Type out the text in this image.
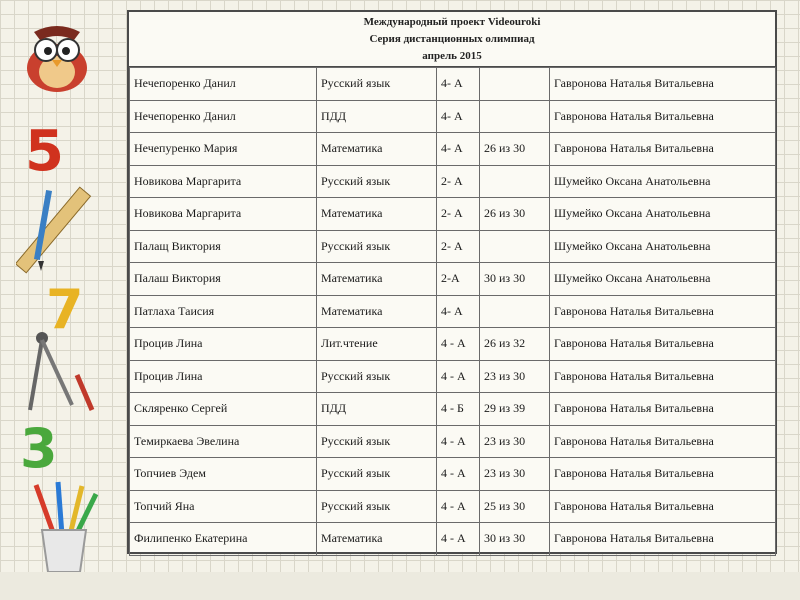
5
7
3
Международный проект Videouroki
Серия дистанционных олимпиад
апрель 2015
Нечепоренко Данил	Русский язык	4- А		Гавронова Наталья Витальевна
Нечепоренко Данил	ПДД	4- А		Гавронова Наталья Витальевна
Нечепуренко Мария	Математика	4- А	26 из 30	Гавронова Наталья Витальевна
Новикова Маргарита	Русский язык	2- А		Шумейко Оксана Анатольевна
Новикова Маргарита	Математика	2- А	26 из 30	Шумейко Оксана Анатольевна
Палащ Виктория	Русский язык	2- А		Шумейко Оксана Анатольевна
Палаш Виктория	Математика	2-А	30 из 30	Шумейко Оксана Анатольевна
Патлаха Таисия	Математика	4- А		Гавронова Наталья Витальевна
Процив Лина	Лит.чтение	4 - А	26 из 32	Гавронова Наталья Витальевна
Процив Лина	Русский язык	4 - А	23 из 30	Гавронова Наталья Витальевна
Скляренко Сергей	ПДД	4 - Б	29 из 39	Гавронова Наталья Витальевна
Темиркаева Эвелина	Русский язык	4 - А	23 из 30	Гавронова Наталья Витальевна
Топчиев Эдем	Русский язык	4 - А	23 из 30	Гавронова Наталья Витальевна
Топчий Яна	Русский язык	4 - А	25 из 30	Гавронова Наталья Витальевна
Филипенко Екатерина	Математика	4 - А	30 из 30	Гавронова Наталья Витальевна
